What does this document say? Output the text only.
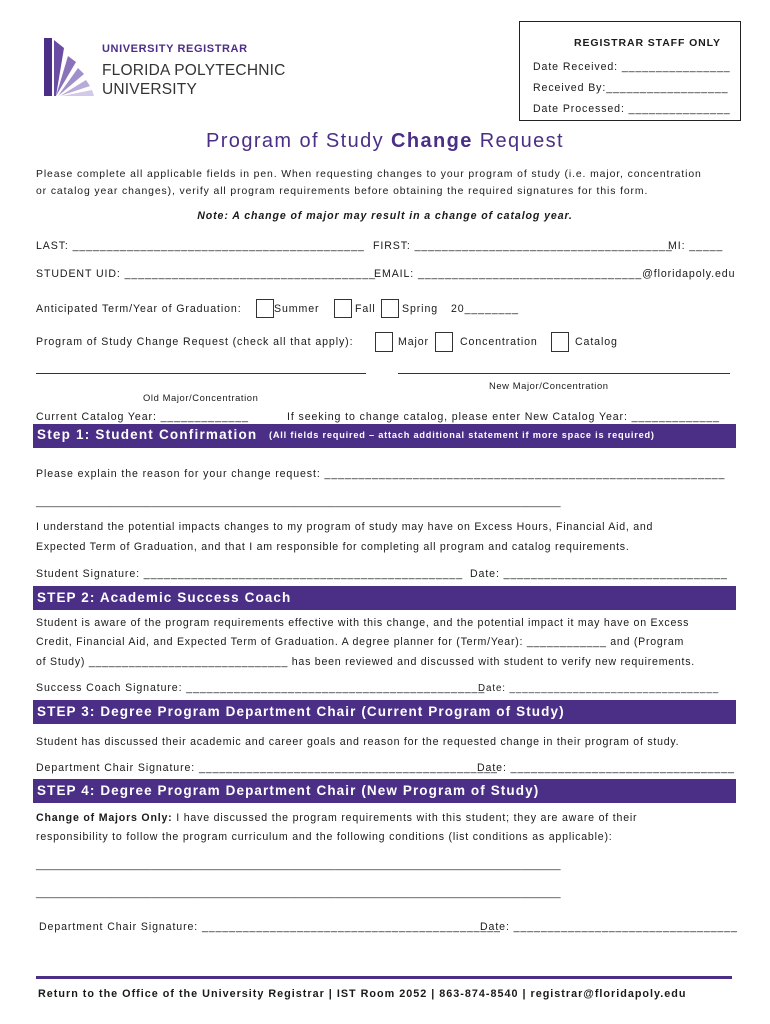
UNIVERSITY REGISTRAR
FLORIDA POLYTECHNIC
UNIVERSITY
REGISTRAR STAFF ONLY
Date Received: ________________
Received By:__________________
Date Processed: _______________
Program of Study Change Request
Please complete all applicable fields in pen. When requesting changes to your program of study (i.e. major, concentration
or catalog year changes), verify all program requirements before obtaining the required signatures for this form.
Note: A change of major may result in a change of catalog year.
LAST: ___________________________________________ FIRST: ______________________________________
MI: _____
STUDENT UID: _____________________________________
EMAIL: _________________________________@floridapoly.edu
Anticipated Term/Year of Graduation:	Summer	Fall Spring 20________
Program of Study Change Request (check all that apply):	Major	Concentration	Catalog
New Major/Concentration
Old Major/Concentration
Current Catalog Year: _____________	If seeking to change catalog, please enter New Catalog Year: _____________
Step 1: Student Confirmation (All fields required – attach additional statement if more space is required)
Please explain the reason for your change request: ___________________________________________________________
___________________________________________________________________________________________
I understand the potential impacts changes to my program of study may have on Excess Hours, Financial Aid, and
Expected Term of Graduation, and that I am responsible for completing all program and catalog requirements.
Student Signature: _______________________________________________ Date: _________________________________
STEP 2: Academic Success Coach
Student is aware of the program requirements effective with this change, and the potential impact it may have on Excess
Credit, Financial Aid, and Expected Term of Graduation. A degree planner for (Term/Year): ____________ and (Program
of Study) ______________________________ has been reviewed and discussed with student to verify new requirements.
Success Coach Signature: ____________________________________________
Date: _________________________________
STEP 3: Degree Program Department Chair (Current Program of Study)
Student has discussed their academic and career goals and reason for the requested change in their program of study.
Department Chair Signature: ____________________________________________
Date: _________________________________
STEP 4: Degree Program Department Chair (New Program of Study)
Change of Majors Only: I have discussed the program requirements with this student; they are aware of their
responsibility to follow the program curriculum and the following conditions (list conditions as applicable):
___________________________________________________________________________________________
___________________________________________________________________________________________
Department Chair Signature: ____________________________________________
Date: _________________________________
Return to the Office of the University Registrar | IST Room 2052 | 863-874-8540 | registrar@floridapoly.edu
